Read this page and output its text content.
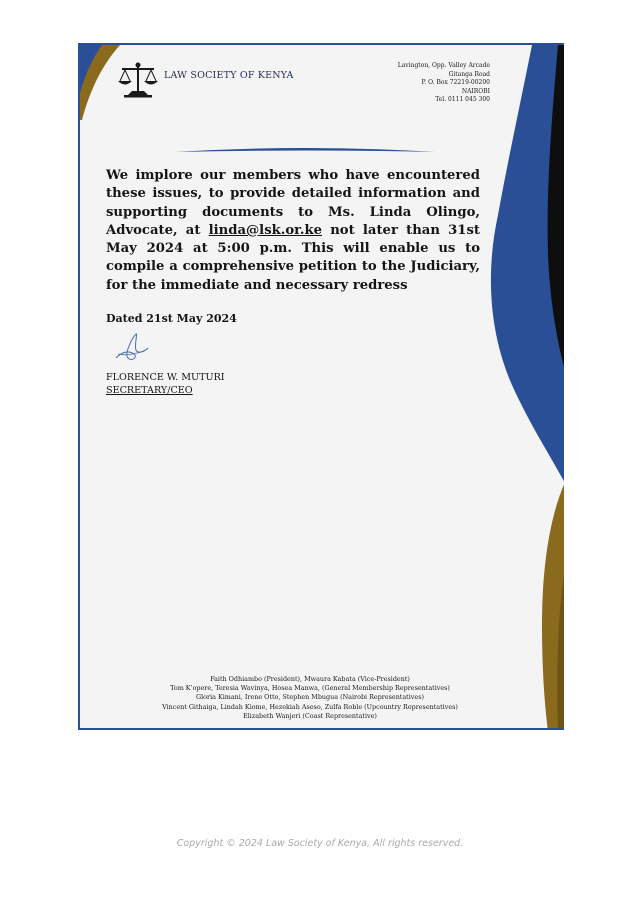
LAW SOCIETY OF KENYA
Lavington, Opp. Valley Arcade
Gitanga Road
P. O. Box 72219-00200
NAIROBI
Tel. 0111 045 300
We implore our members who have encountered these issues, to provide detailed information and supporting documents to Ms. Linda Olingo, Advocate, at linda@lsk.or.ke not later than 31st May 2024 at 5:00 p.m. This will enable us to compile a comprehensive petition to the Judiciary, for the immediate and necessary redress
Dated 21st May 2024
FLORENCE W. MUTURI
SECRETARY/CEO
Faith Odhiambo (President), Mwaura Kabata (Vice-President)
Tom K’opere, Teresia Wavinya, Hosea Manwa, (General Membership Representatives)
Gloria Kimani, Irene Otto, Stephen Mbugua (Nairobi Representatives)
Vincent Githaiga, Lindah Kiome, Hezekiah Aseso, Zulfa Roble (Upcountry Representatives)
Elizabeth Wanjeri (Coast Representative)
Copyright © 2024 Law Society of Kenya, All rights reserved.
